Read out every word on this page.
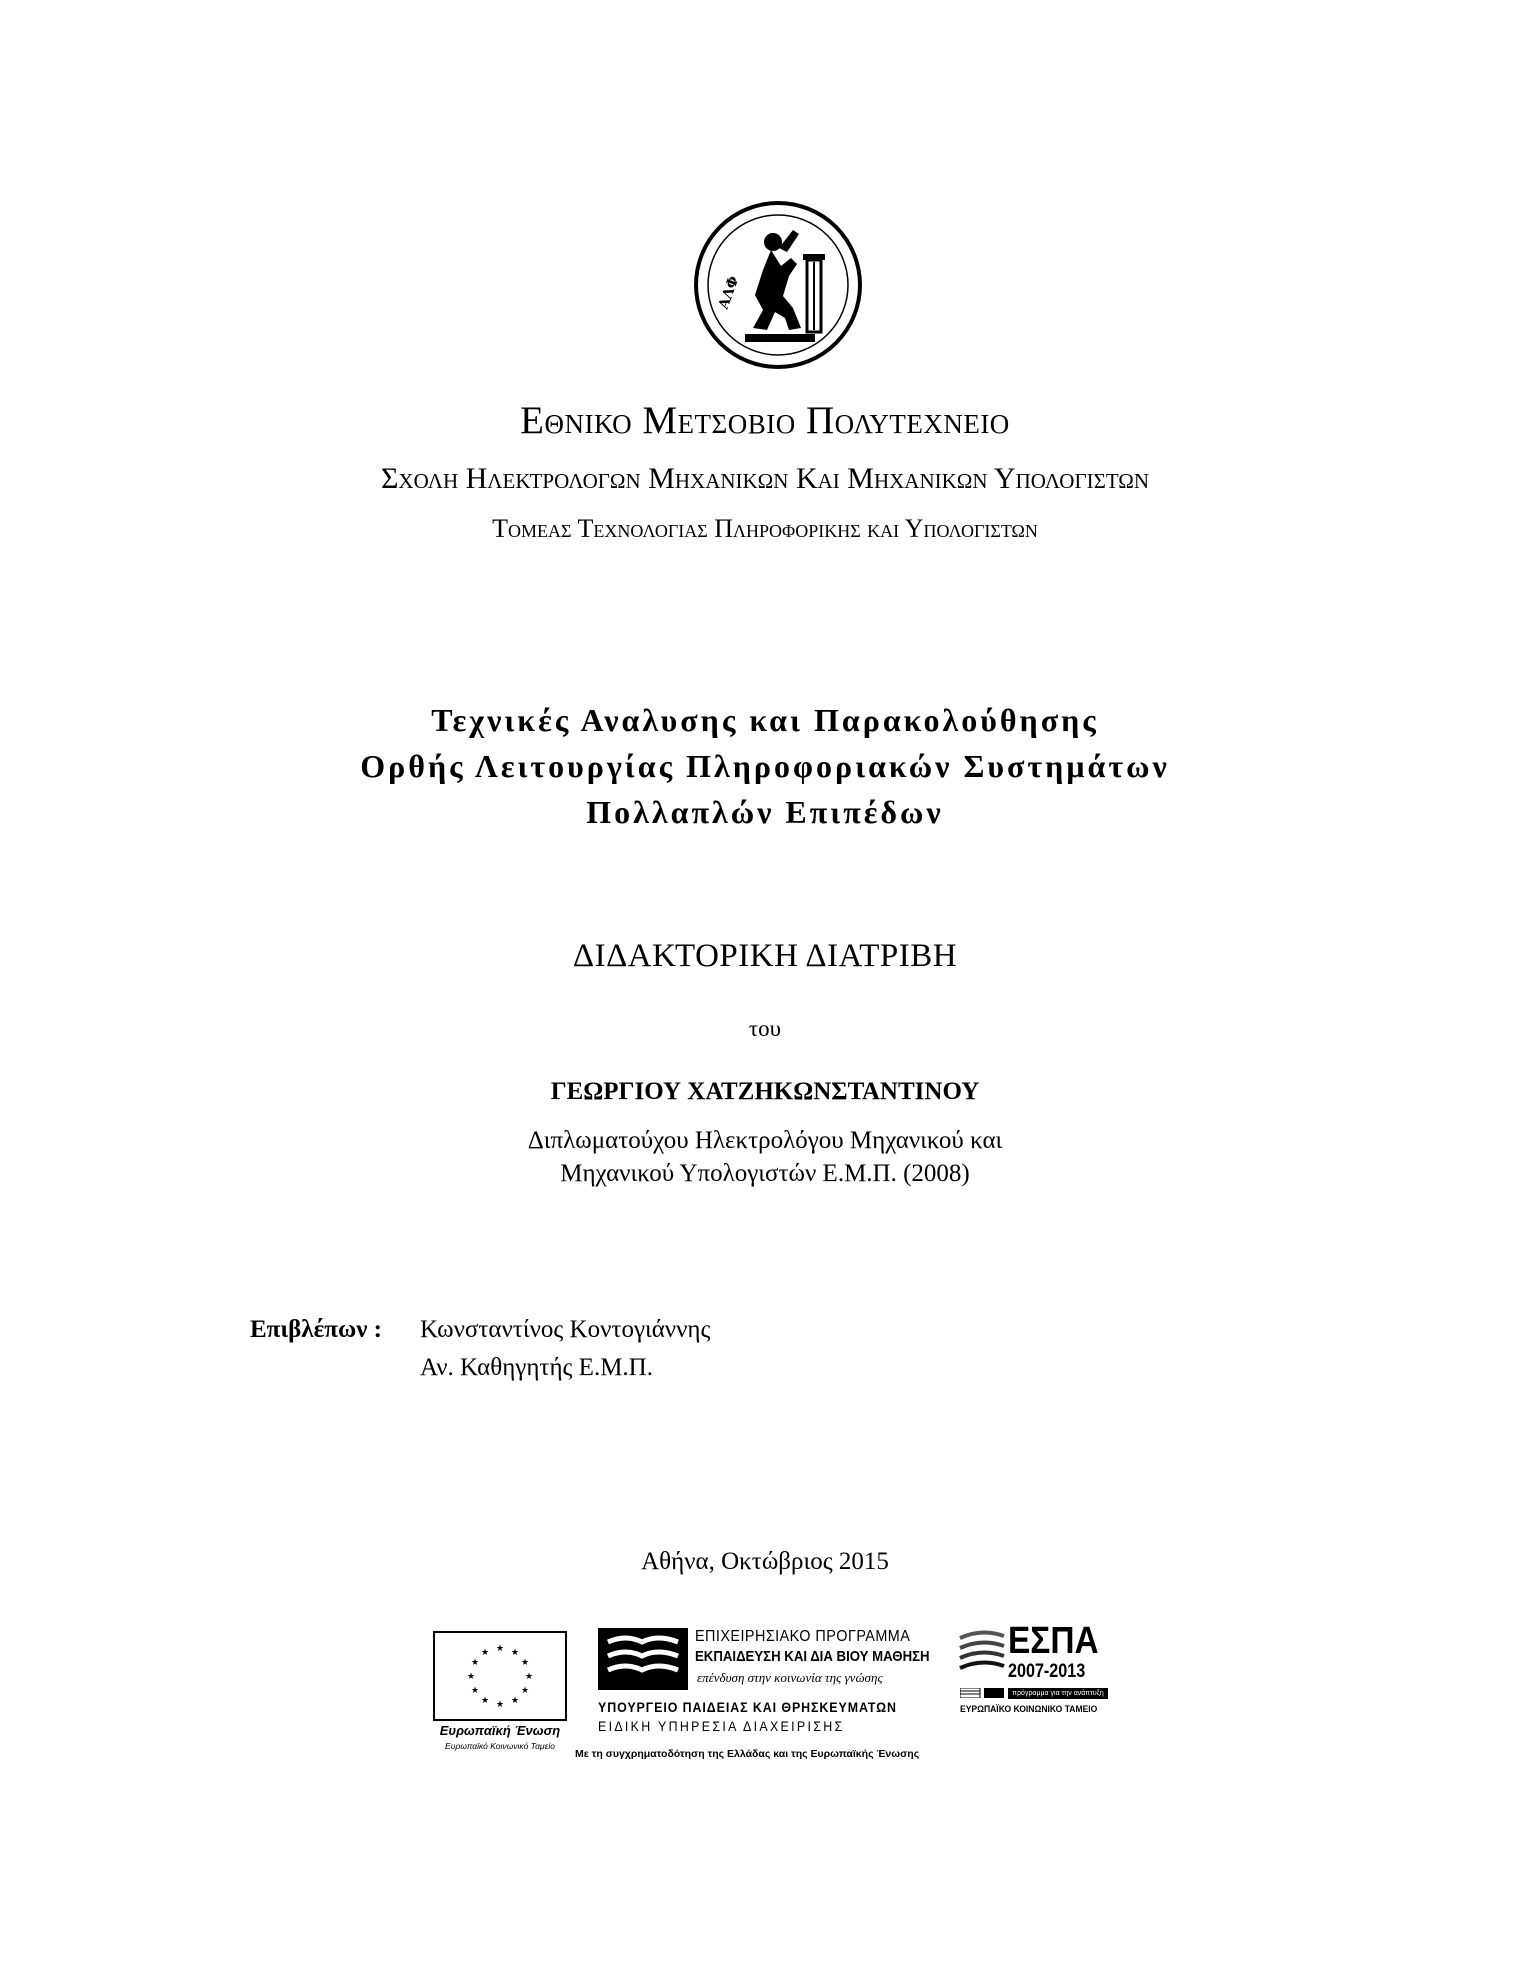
ΑΛΦ
Εθνικο Μετσοβιο Πολυτεχνειο
Σχολη Ηλεκτρολογων Μηχανικων Και Μηχανικων Υπολογιστων
Τομεας Τεχνολογιας Πληροφορικης και Υπολογιστων
Τεχνικές Αναλυσης και Παρακολούθησης
Ορθής Λειτουργίας Πληροφοριακών Συστημάτων
Πολλαπλών Επιπέδων
ΔΙΔΑΚΤΟΡΙΚΗ ΔΙΑΤΡΙΒΗ
του
ΓΕΩΡΓΙΟΥ ΧΑΤΖΗΚΩΝΣΤΑΝΤΙΝΟΥ
Διπλωματούχου Ηλεκτρολόγου Μηχανικού και
Μηχανικού Υπολογιστών Ε.Μ.Π. (2008)
Επιβλέπων : Κωνσταντίνος Κοντογιάννης
Αν. Καθηγητής Ε.Μ.Π.
Αθήνα, Οκτώβριος 2015
★ ★
★
★
★
★
★
★
★
★
★
★
Ευρωπαϊκή Ένωση
Ευρωπαϊκό Κοινωνικό Ταμείο
ΕΠΙΧΕΙΡΗΣΙΑΚΟ ΠΡΟΓΡΑΜΜΑ
ΕΚΠΑΙΔΕΥΣΗ ΚΑΙ ΔΙΑ ΒΙΟΥ ΜΑΘΗΣΗ
επένδυση στην κοινωνία της γνώσης
ΥΠΟΥΡΓΕΙΟ ΠΑΙΔΕΙΑΣ ΚΑΙ ΘΡΗΣΚΕΥΜΑΤΩΝ
ΕΙΔΙΚΗ ΥΠΗΡΕΣΙΑ ΔΙΑΧΕΙΡΙΣΗΣ
Με τη συγχρηματοδότηση της Ελλάδας και της Ευρωπαϊκής Ένωσης
ΕΣΠΑ
2007-2013
πρόγραμμα για την ανάπτυξη
ΕΥΡΩΠΑΪΚΟ ΚΟΙΝΩΝΙΚΟ ΤΑΜΕΙΟ
